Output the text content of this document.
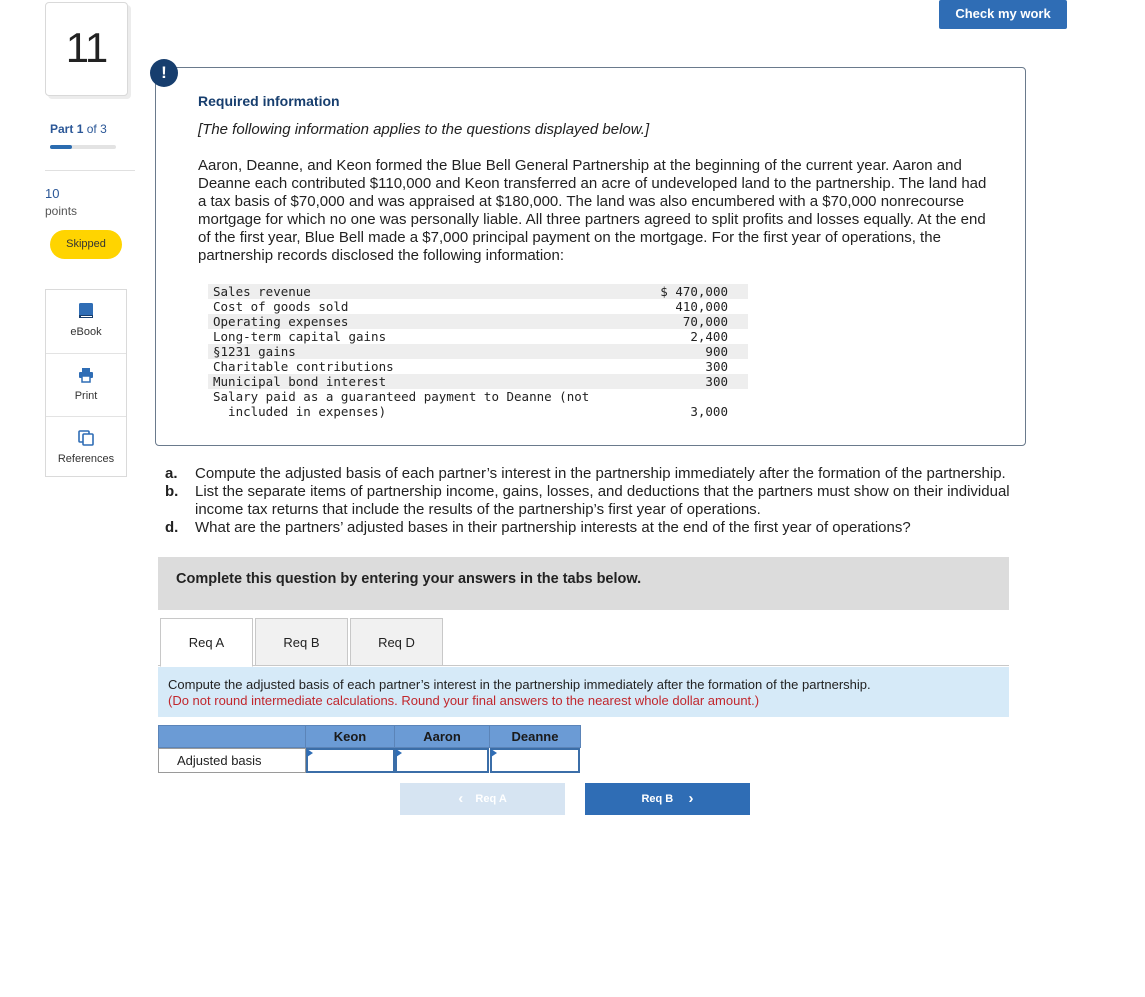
11
Part 1 of 3
10
points
Skipped
eBook
Print
References
Check my work
!
Required information
[The following information applies to the questions displayed below.]
Aaron, Deanne, and Keon formed the Blue Bell General Partnership at the beginning of the current year. Aaron and Deanne each contributed $110,000 and Keon transferred an acre of undeveloped land to the partnership. The land had a tax basis of $70,000 and was appraised at $180,000. The land was also encumbered with a $70,000 nonrecourse mortgage for which no one was personally liable. All three partners agreed to split profits and losses equally. At the end of the first year, Blue Bell made a $7,000 principal payment on the mortgage. For the first year of operations, the partnership records disclosed the following information:
Sales revenue	$ 470,000
Cost of goods sold	410,000
Operating expenses	70,000
Long-term capital gains	2,400
§1231 gains	900
Charitable contributions	300
Municipal bond interest	300
Salary paid as a guaranteed payment to Deanne (not	
included in expenses)	3,000
a. Compute the adjusted basis of each partner’s interest in the partnership immediately after the formation of the partnership.
b. List the separate items of partnership income, gains, losses, and deductions that the partners must show on their individual income tax returns that include the results of the partnership’s first year of operations.
d. What are the partners’ adjusted bases in their partnership interests at the end of the first year of operations?
Complete this question by entering your answers in the tabs below.
Req A	Req B	Req D
Compute the adjusted basis of each partner’s interest in the partnership immediately after the formation of the partnership.
(Do not round intermediate calculations. Round your final answers to the nearest whole dollar amount.)
Keon	Aaron	Deanne
Adjusted basis
‹ Req A	Req B ›
